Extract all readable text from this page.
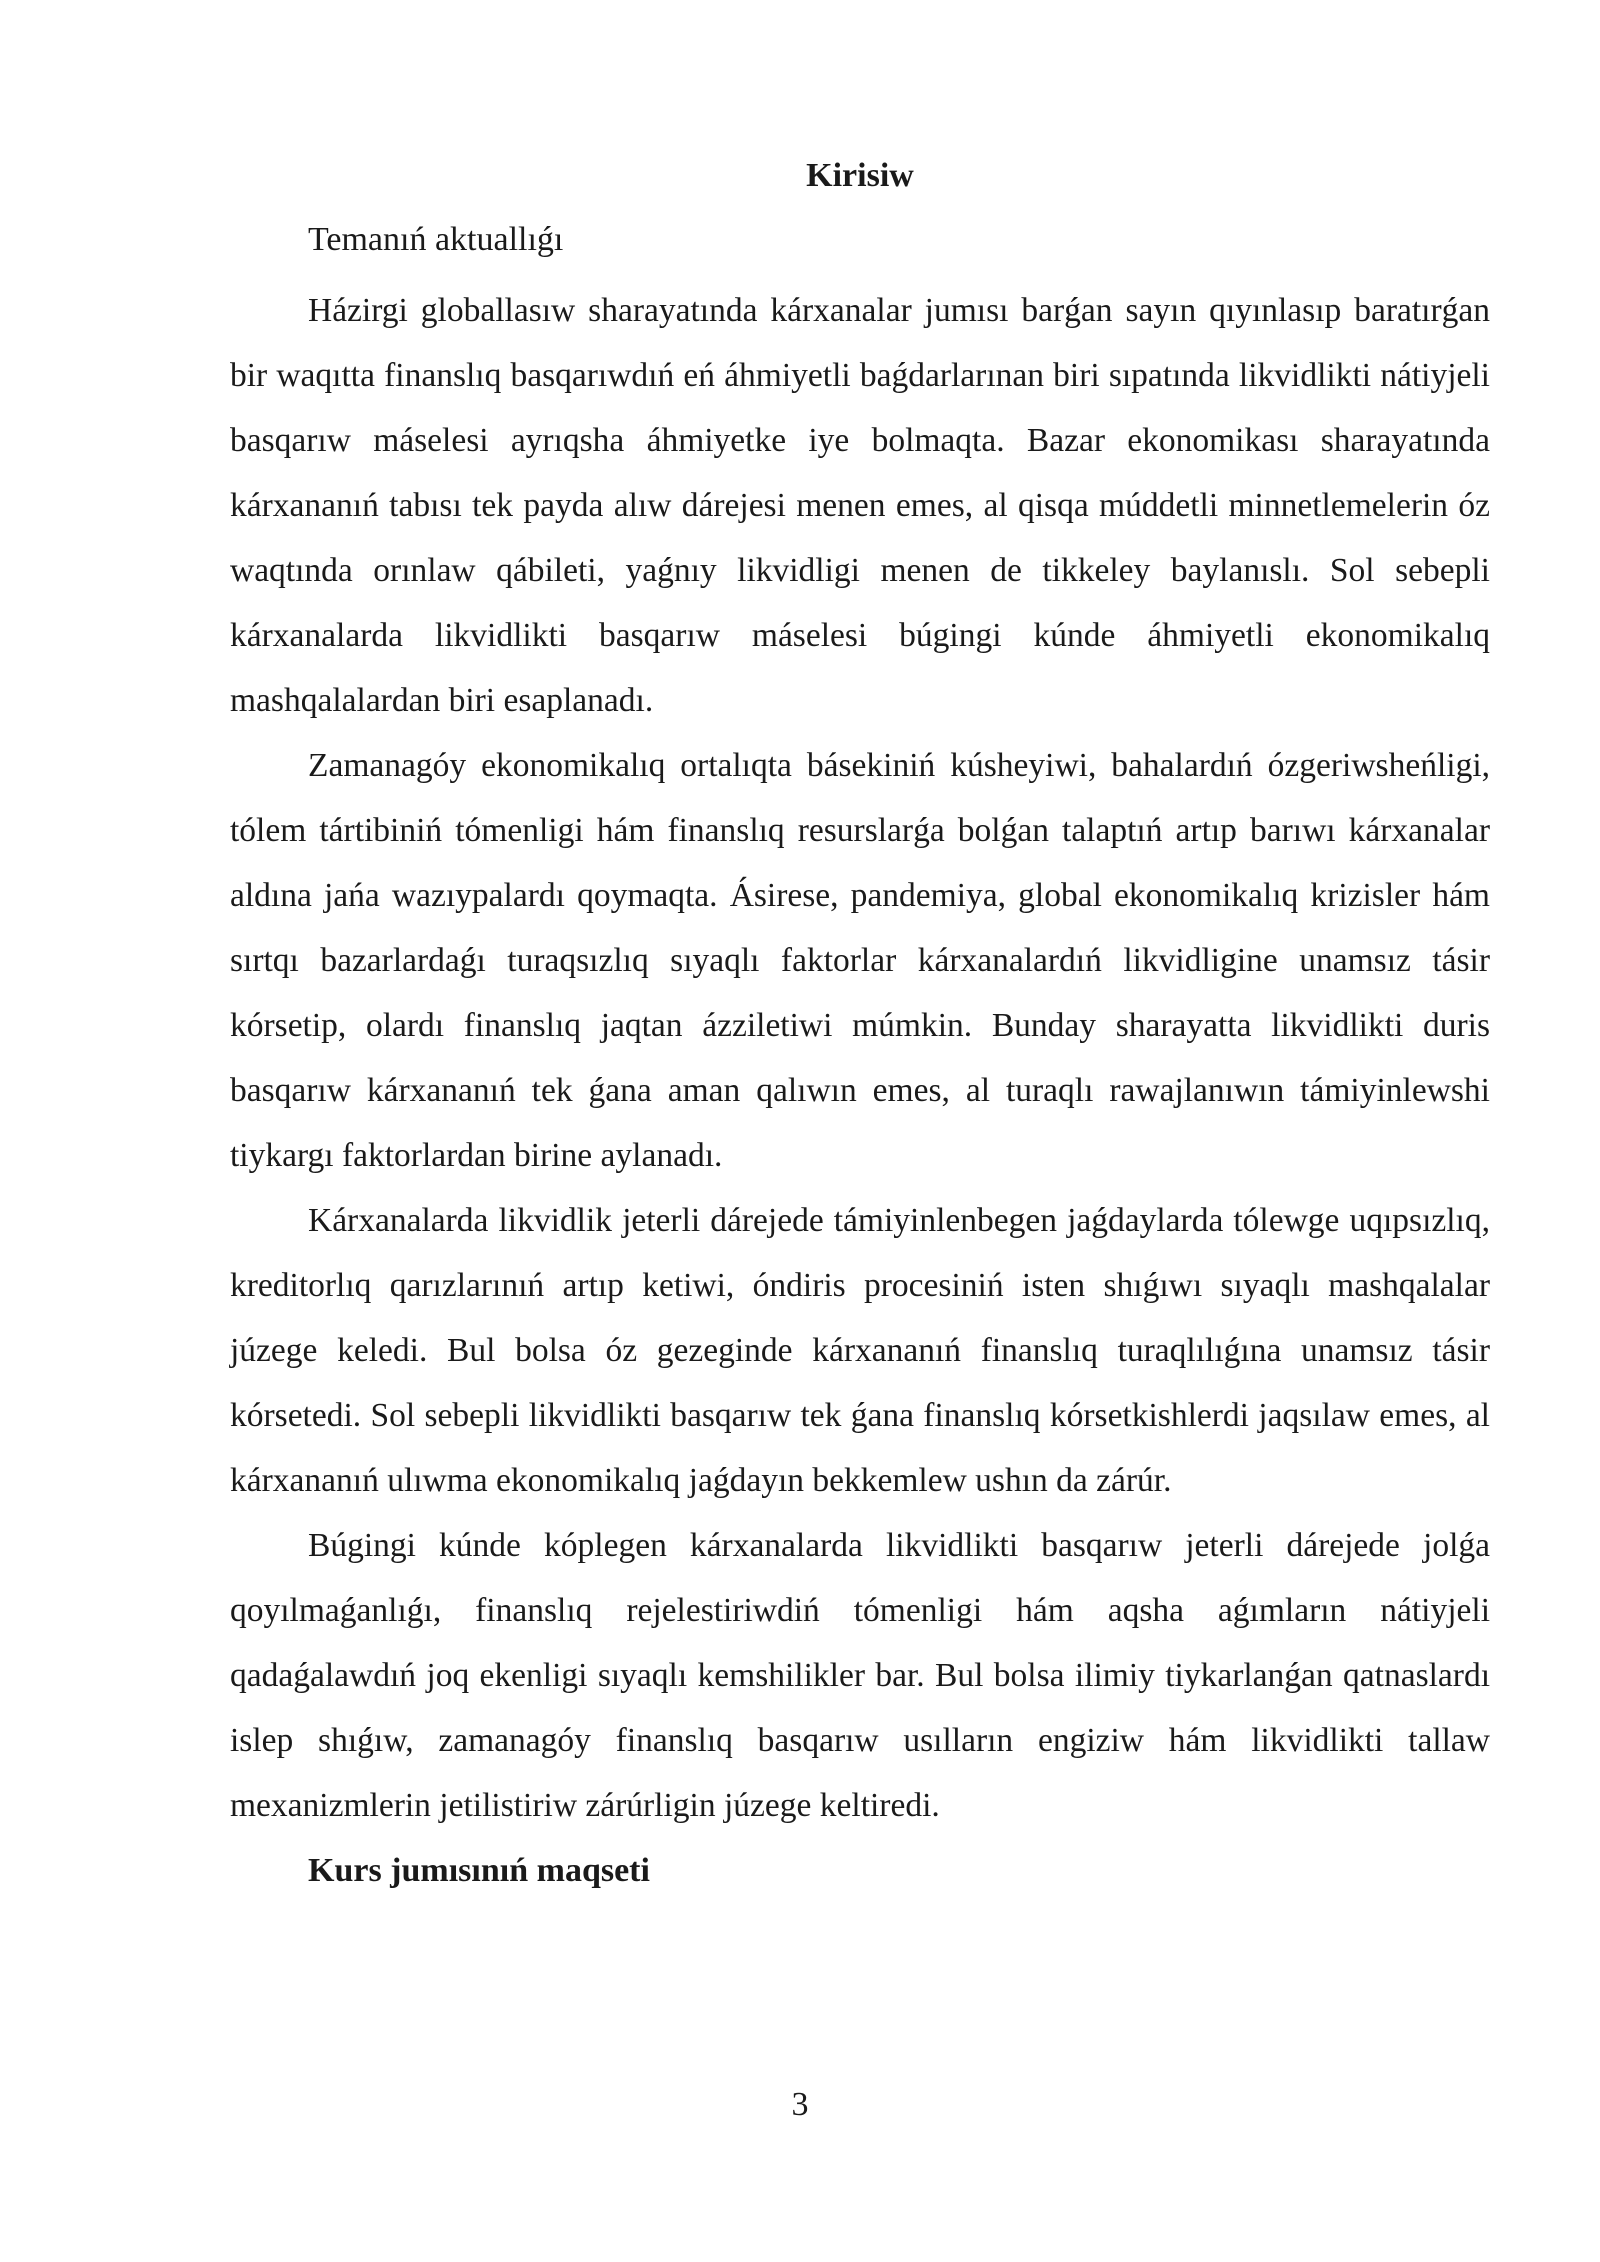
Kirisiw
Temanıń aktuallıǵı

Házirgi globallasıw sharayatında kárxanalar jumısı barǵan sayın qıyınlasıp baratırǵan bir waqıtta finanslıq basqarıwdıń eń áhmiyetli baǵdarlarınan biri sıpatında likvidlikti nátiyjeli basqarıw máselesi ayrıqsha áhmiyetke iye bolmaqta. Bazar ekonomikası sharayatında kárxananıń tabısı tek payda alıw dárejesi menen emes, al qisqa múddetli minnetlemelerin óz waqtında orınlaw qábileti, yaǵnıy likvidligi menen de tikkeley baylanıslı. Sol sebepli kárxanalarda likvidlikti basqarıw máselesi búgingi kúnde áhmiyetli ekonomikalıq mashqalalardan biri esaplanadı.

Zamanagóy ekonomikalıq ortalıqta básekiniń kúsheyiwi, bahalardıń ózgeriwsheńligi, tólem tártibiniń tómenligi hám finanslıq resurslarǵa bolǵan talaptıń artıp barıwı kárxanalar aldına jańa wazıypalardı qoymaqta. Ásirese, pandemiya, global ekonomikalıq krizisler hám sırtqı bazarlardaǵı turaqsızlıq sıyaqlı faktorlar kárxanalardıń likvidligine unamsız tásir kórsetip, olardı finanslıq jaqtan ázziletiwi múmkin. Bunday sharayatta likvidlikti duris basqarıw kárxananıń tek ǵana aman qalıwın emes, al turaqlı rawajlanıwın támiyinlewshi tiykargı faktorlardan birine aylanadı.

Kárxanalarda likvidlik jeterli dárejede támiyinlenbegen jaǵdaylarda tólewge uqıpsızlıq, kreditorlıq qarızlarınıń artıp ketiwi, óndiris procesiniń isten shıǵıwı sıyaqlı mashqalalar júzege keledi. Bul bolsa óz gezeginde kárxananıń finanslıq turaqlılıǵına unamsız tásir kórsetedi. Sol sebepli likvidlikti basqarıw tek ǵana finanslıq kórsetkishlerdi jaqsılaw emes, al kárxananıń ulıwma ekonomikalıq jaǵdayın bekkemlew ushın da zárúr.

Búgingi kúnde kóplegen kárxanalarda likvidlikti basqarıw jeterli dárejede jolǵa qoyılmaǵanlıǵı, finanslıq rejelestiriwdiń tómenligi hám aqsha aǵımların nátiyjeli qadaǵalawdıń joq ekenligi sıyaqlı kemshilikler bar. Bul bolsa ilimiy tiykarlanǵan qatnaslardı islep shıǵıw, zamanagóy finanslıq basqarıw usılların engiziw hám likvidlikti tallaw mexanizmlerin jetilistiriw zárúrligin júzege keltiredi.

Kurs jumısınıń maqseti
3
